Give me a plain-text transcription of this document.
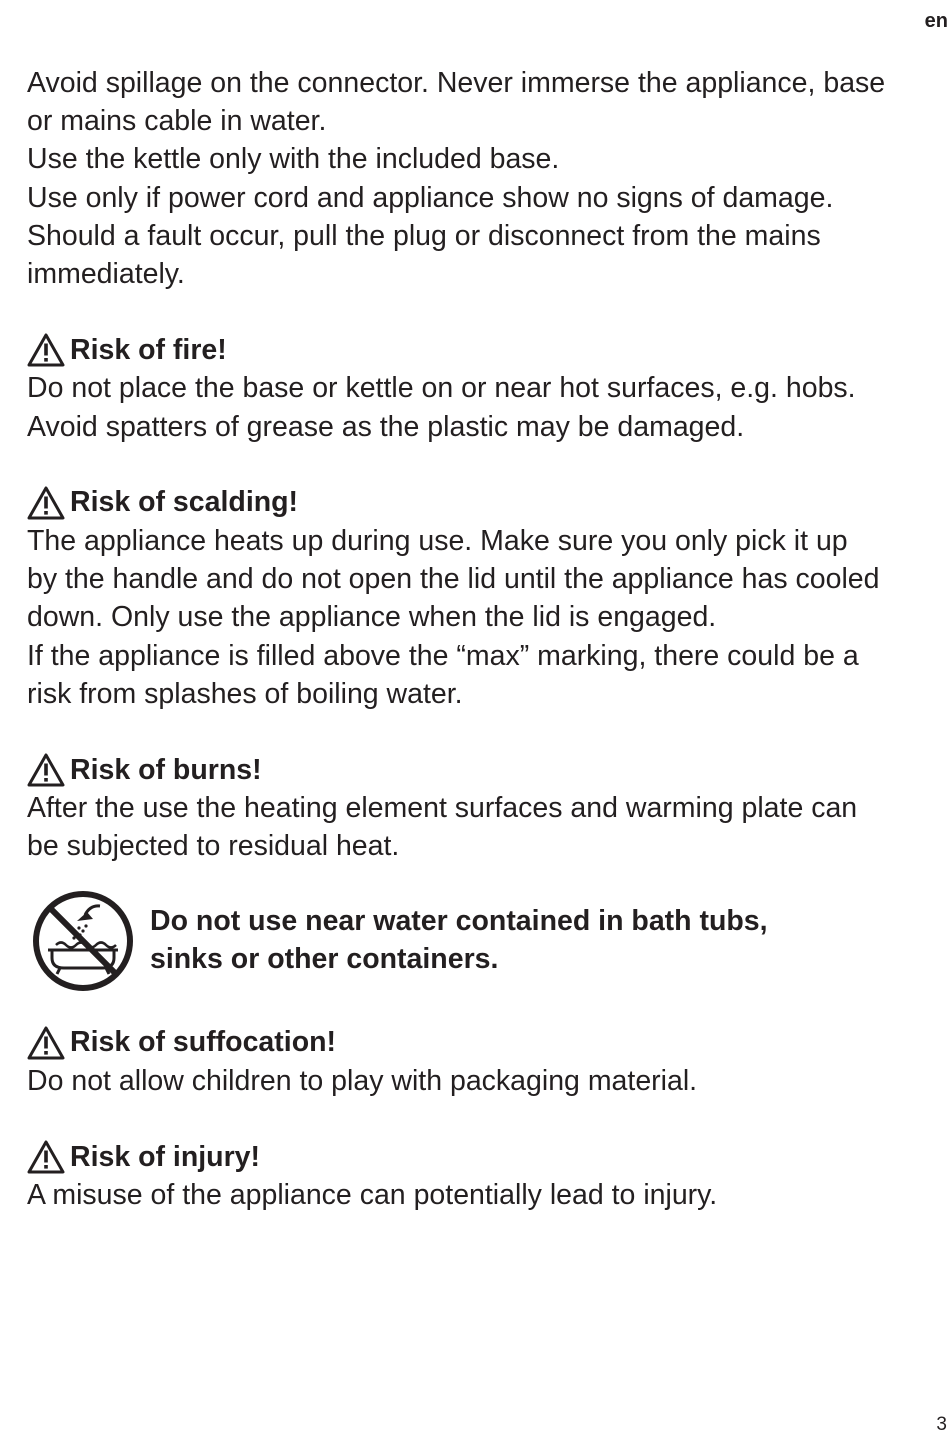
en

Avoid spillage on the connector. Never immerse the appliance, base
or mains cable in water.
Use the kettle only with the included base.
Use only if power cord and appliance show no signs of damage.
Should a fault occur, pull the plug or disconnect from the mains
immediately.

Risk of fire!

Do not place the base or kettle on or near hot surfaces, e.g. hobs.
Avoid spatters of grease as the plastic may be damaged.

Risk of scalding!

The appliance heats up during use. Make sure you only pick it up
by the handle and do not open the lid until the appliance has cooled
down. Only use the appliance when the lid is engaged.
If the appliance is filled above the “max” marking, there could be a
risk from splashes of boiling water.

Risk of burns!

After the use the heating element surfaces and warming plate can
be subjected to residual heat.

Do not use near water contained in bath tubs,
sinks or other containers.
Risk of suffocation!

Do not allow children to play with packaging material.

Risk of injury!

A misuse of the appliance can potentially lead to injury.

3
